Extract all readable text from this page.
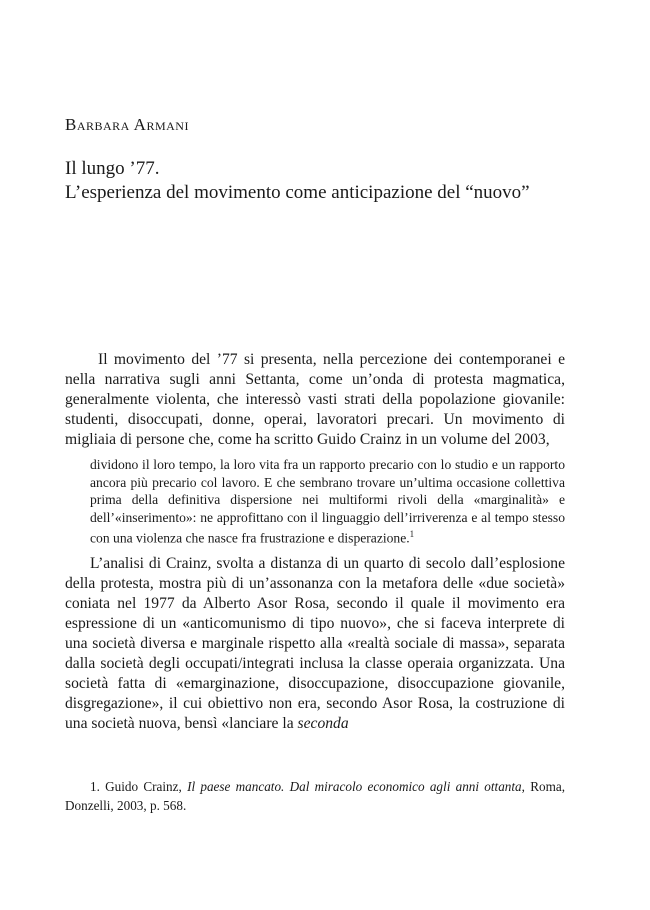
Barbara Armani
Il lungo ’77.
L’esperienza del movimento come anticipazione del “nuovo”

Il movimento del ’77 si presenta, nella percezione dei contemporanei e nella narrativa sugli anni Settanta, come un’onda di protesta magmatica, generalmente violenta, che interessò vasti strati della popolazione giovanile: studenti, disoccupati, donne, operai, lavoratori precari. Un movimento di migliaia di persone che, come ha scritto Guido Crainz in un volume del 2003,

dividono il loro tempo, la loro vita fra un rapporto precario con lo studio e un rapporto ancora più precario col lavoro. E che sembrano trovare un’ultima occasione collettiva prima della definitiva dispersione nei multiformi rivoli della «marginalità» e dell’«inserimento»: ne approfittano con il linguaggio dell’irriverenza e al tempo stesso con una violenza che nasce fra frustrazione e disperazione.$^1$

L’analisi di Crainz, svolta a distanza di un quarto di secolo dall’esplosione della protesta, mostra più di un’assonanza con la metafora delle «due società» coniata nel 1977 da Alberto Asor Rosa, secondo il quale il movimento era espressione di un «anticomunismo di tipo nuovo», che si faceva interprete di una società diversa e marginale rispetto alla «realtà sociale di massa», separata dalla società degli occupati/integrati inclusa la classe operaia organizzata. Una società fatta di «emarginazione, disoccupazione, disoccupazione giovanile, disgregazione», il cui obiettivo non era, secondo Asor Rosa, la costruzione di una società nuova, bensì «lanciare la seconda

1. Guido Crainz, Il paese mancato. Dal miracolo economico agli anni ottanta, Roma, Donzelli, 2003, p. 568.
